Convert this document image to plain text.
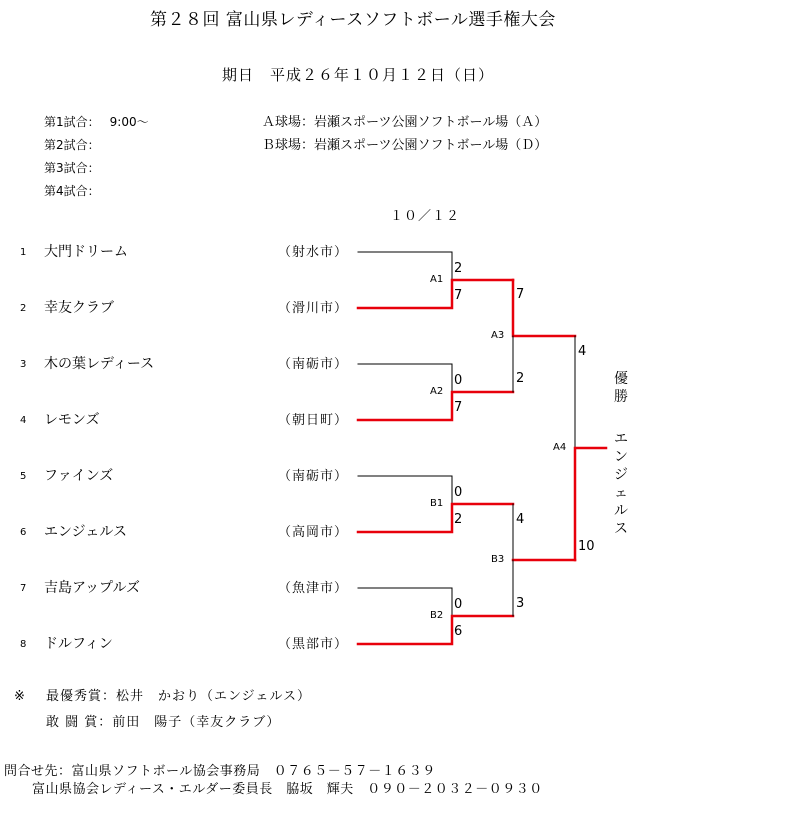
第２８回 富山県レディースソフトボール選手権大会
期日　平成２６年１０月１２日（日）
第1試合： 9:00～
第2試合：
第3試合：
第4試合：
Ａ球場：岩瀬スポーツ公園ソフトボール場（Ａ）
Ｂ球場：岩瀬スポーツ公園ソフトボール場（Ｄ）
１０／１２
1 大門ドリーム	（射水市）
2 幸友クラブ	（滑川市）
3 木の葉レディース	（南砺市）
4 レモンズ	（朝日町）
5 ファインズ	（南砺市）
6 エンジェルス	（高岡市）
7 吉島アップルズ	（魚津市）
8 ドルフィン	（黒部市）
A1
2
7
A2
0
7
B1
0
2
B2
0
6
A3
7
2
B3
4
3
A4
4
10
優勝
エンジェルス
※ 最優秀賞：松井　かおり（エンジェルス）
敢 闘 賞：前田　陽子（幸友クラブ）
問合せ先：富山県ソフトボール協会事務局　０７６５－５７－１６３９
富山県協会レディース・エルダー委員長　脇坂　輝夫　０９０－２０３２－０９３０
